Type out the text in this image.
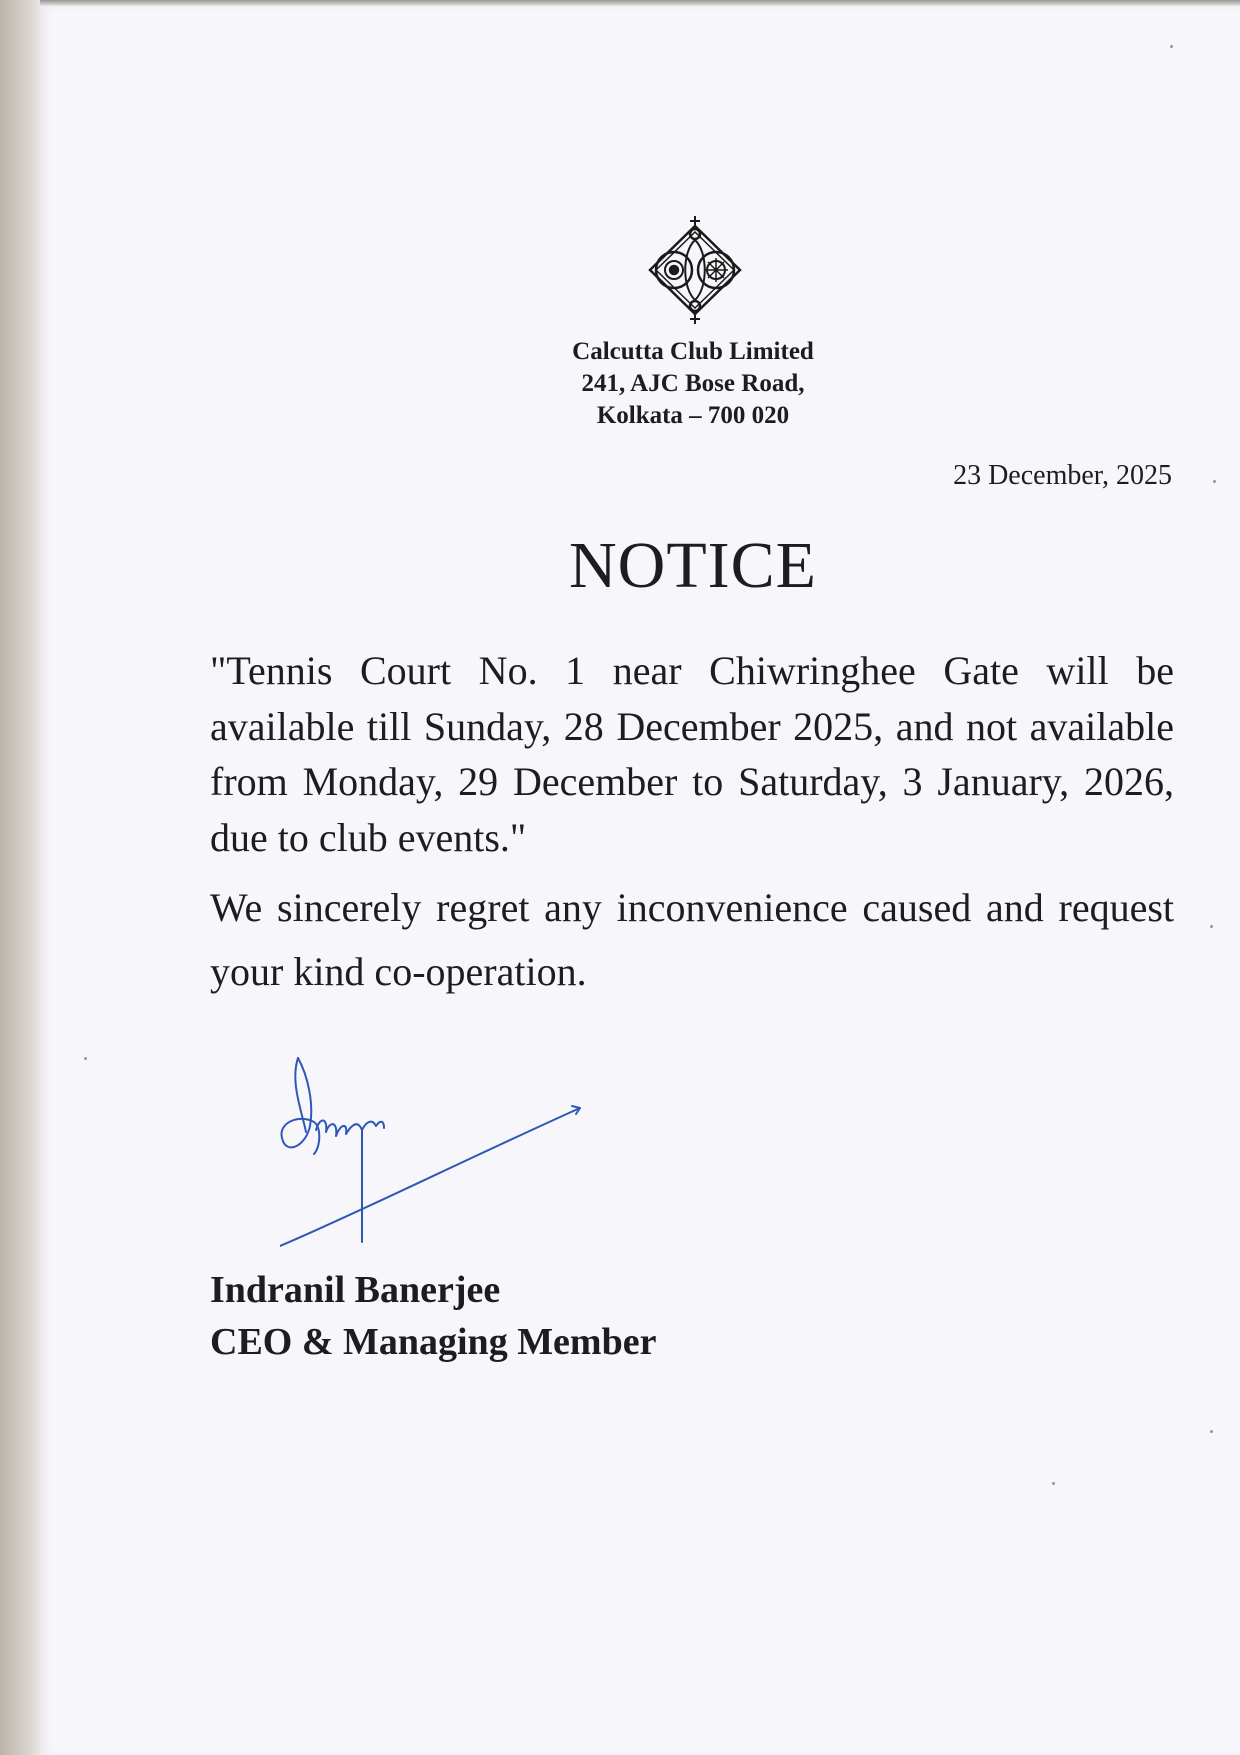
Calcutta Club Limited
241, AJC Bose Road,
Kolkata – 700 020
23 December, 2025
NOTICE

"Tennis Court No. 1 near Chiwringhee Gate will be available till Sunday, 28 December 2025, and not available from Monday, 29 December to Saturday, 3 January, 2026, due to club events."

We sincerely regret any inconvenience caused and request your kind co-operation.

Indranil Banerjee
CEO & Managing Member
